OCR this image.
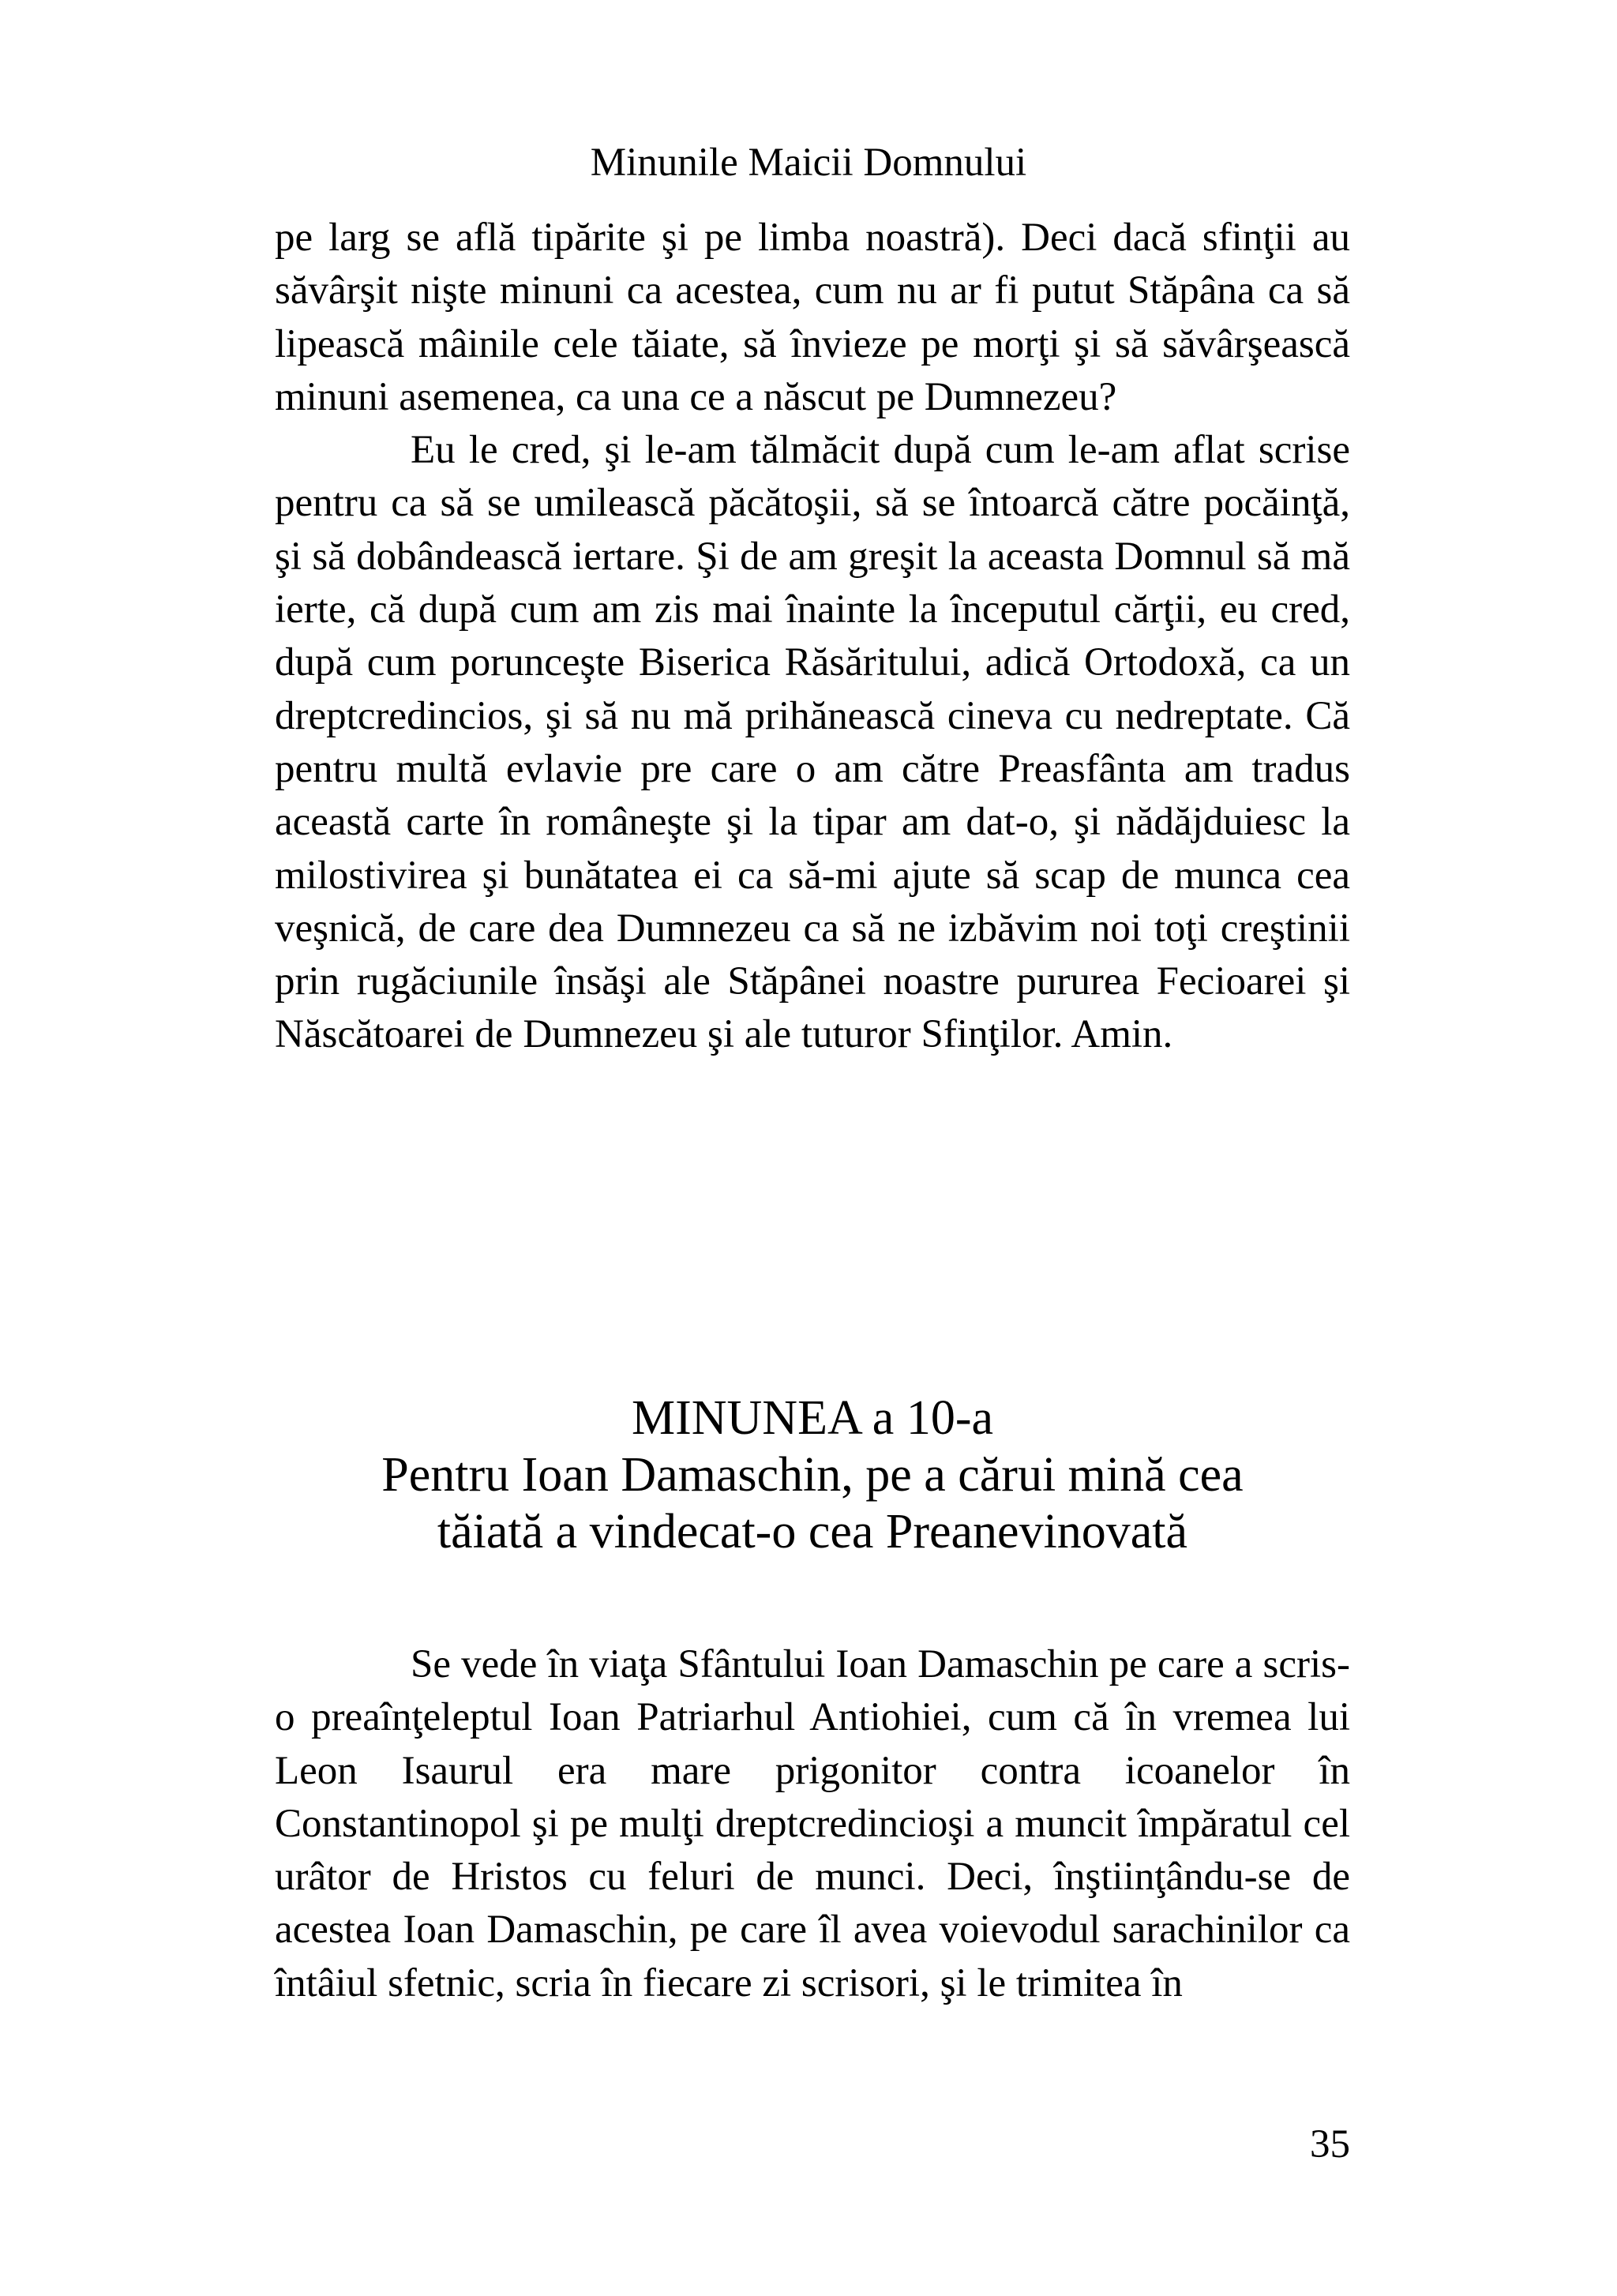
Minunile Maicii Domnului

pe larg se află tipărite şi pe limba noastră). Deci dacă sfinţii au săvârşit nişte minuni ca acestea, cum nu ar fi putut Stăpâna ca să lipească mâinile cele tăiate, să învieze pe morţi şi să săvârşească minuni asemenea, ca una ce a născut pe Dumnezeu?

Eu le cred, şi le-am tălmăcit după cum le-am aflat scrise pentru ca să se umilească păcătoşii, să se întoarcă către pocăinţă, şi să dobândească iertare. Şi de am greşit la aceasta Domnul să mă ierte, că după cum am zis mai înainte la începutul cărţii, eu cred, după cum porunceşte Biserica Răsăritului, adică Ortodoxă, ca un dreptcredincios, şi să nu mă prihănească cineva cu nedreptate. Că pentru multă evlavie pre care o am către Preasfânta am tradus această carte în româneşte şi la tipar am dat-o, şi nădăjduiesc la milostivirea şi bunătatea ei ca să-mi ajute să scap de munca cea veşnică, de care dea Dumnezeu ca să ne izbăvim noi toţi creştinii prin rugăciunile însăşi ale Stăpânei noastre pururea Fecioarei şi Născătoarei de Dumnezeu şi ale tuturor Sfinţilor. Amin.

MINUNEA a 10-a
Pentru Ioan Damaschin, pe a cărui mină cea
tăiată a vindecat-o cea Preanevinovată

Se vede în viaţa Sfântului Ioan Damaschin pe care a scris-o preaînţeleptul Ioan Patriarhul Antiohiei, cum că în vremea lui Leon Isaurul era mare prigonitor contra icoanelor în Constantinopol şi pe mulţi dreptcredincioşi a muncit împăratul cel urâtor de Hristos cu feluri de munci. Deci, înştiinţându-se de acestea Ioan Damaschin, pe care îl avea voievodul sarachinilor ca întâiul sfetnic, scria în fiecare zi scrisori, şi le trimitea în

35
